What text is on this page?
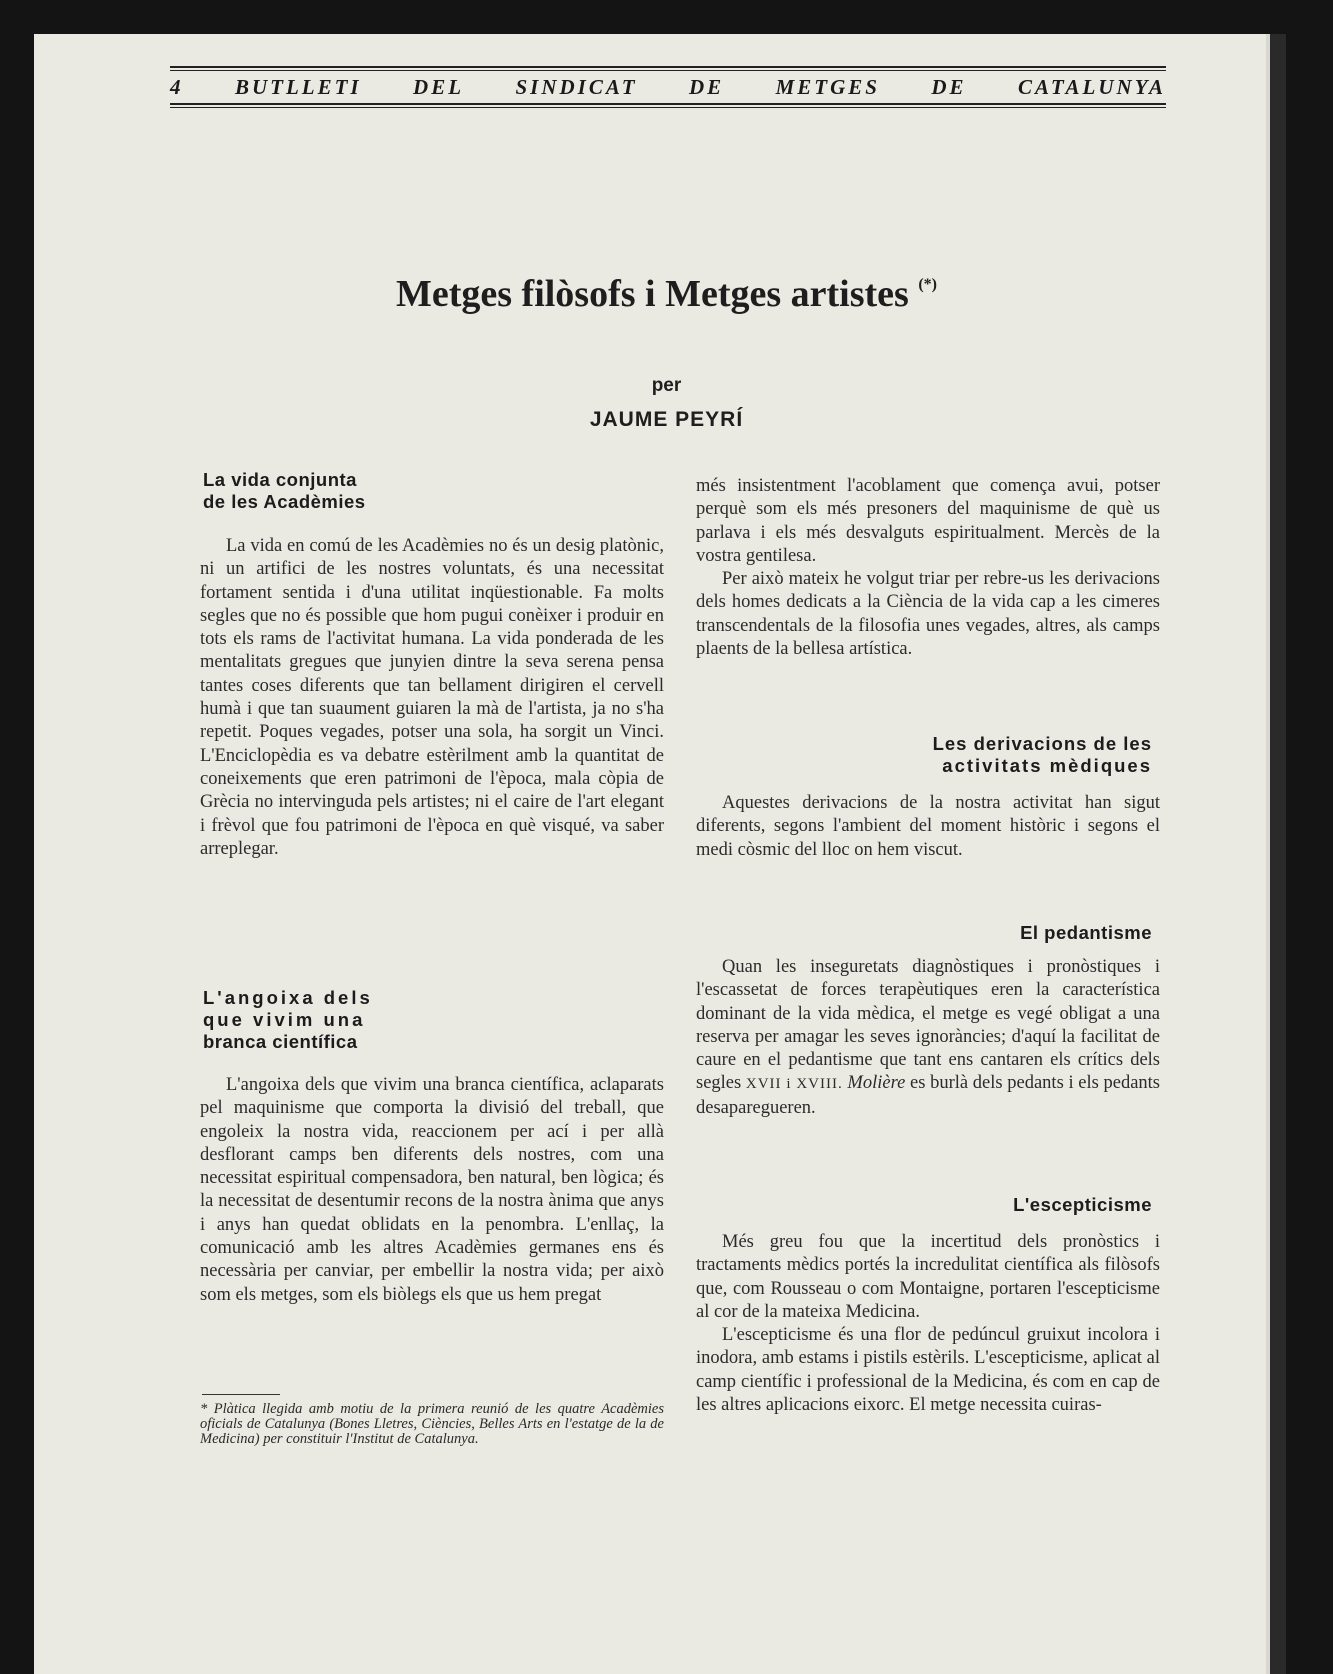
4 BUTLLETI DEL SINDICAT DE METGES DE CATALUNYA
Metges filòsofs i Metges artistes (*)
per
JAUME PEYRÍ
La vida conjunta
de les Acadèmies

La vida en comú de les Acadèmies no és un desig platònic, ni un artifici de les nostres voluntats, és una necessitat fortament sentida i d'una utilitat inqüestionable. Fa molts segles que no és possible que hom pugui conèixer i produir en tots els rams de l'activitat humana. La vida ponderada de les mentalitats gregues que junyien dintre la seva serena pensa tantes coses diferents que tan bellament dirigiren el cervell humà i que tan suaument guiaren la mà de l'artista, ja no s'ha repetit. Poques vegades, potser una sola, ha sorgit un Vinci. L'Enciclopèdia es va debatre estèrilment amb la quantitat de coneixements que eren patrimoni de l'època, mala còpia de Grècia no intervinguda pels artistes; ni el caire de l'art elegant i frèvol que fou patrimoni de l'època en què visqué, va saber arreplegar.

L'angoixa dels
que vivim una
branca científica

L'angoixa dels que vivim una branca científica, aclaparats pel maquinisme que comporta la divisió del treball, que engoleix la nostra vida, reaccionem per ací i per allà desflorant camps ben diferents dels nostres, com una necessitat espiritual compensadora, ben natural, ben lògica; és la necessitat de desentumir recons de la nostra ànima que anys i anys han quedat oblidats en la penombra. L'enllaç, la comunicació amb les altres Acadèmies germanes ens és necessària per canviar, per embellir la nostra vida; per això som els metges, som els biòlegs els que us hem pregat

* Plàtica llegida amb motiu de la primera reunió de les quatre Acadèmies oficials de Catalunya (Bones Lletres, Ciències, Belles Arts en l'estatge de la de Medicina) per constituir l'Institut de Catalunya.

més insistentment l'acoblament que comença avui, potser perquè som els més presoners del maquinisme de què us parlava i els més desvalguts espiritualment. Mercès de la vostra gentilesa.

Per això mateix he volgut triar per rebre-us les derivacions dels homes dedicats a la Ciència de la vida cap a les cimeres transcendentals de la filosofia unes vegades, altres, als camps plaents de la bellesa artística.

Les derivacions de les
activitats mèdiques

Aquestes derivacions de la nostra activitat han sigut diferents, segons l'ambient del moment històric i segons el medi còsmic del lloc on hem viscut.

El pedantisme

Quan les inseguretats diagnòstiques i pronòstiques i l'escassetat de forces terapèutiques eren la característica dominant de la vida mèdica, el metge es vegé obligat a una reserva per amagar les seves ignoràncies; d'aquí la facilitat de caure en el pedantisme que tant ens cantaren els crítics dels segles XVII i XVIII. Molière es burlà dels pedants i els pedants desaparegueren.

L'escepticisme

Més greu fou que la incertitud dels pronòstics i tractaments mèdics portés la incredulitat científica als filòsofs que, com Rousseau o com Montaigne, portaren l'escepticisme al cor de la mateixa Medicina.

L'escepticisme és una flor de pedúncul gruixut incolora i inodora, amb estams i pistils estèrils. L'escepticisme, aplicat al camp científic i professional de la Medicina, és com en cap de les altres aplicacions eixorc. El metge necessita cuiras-
